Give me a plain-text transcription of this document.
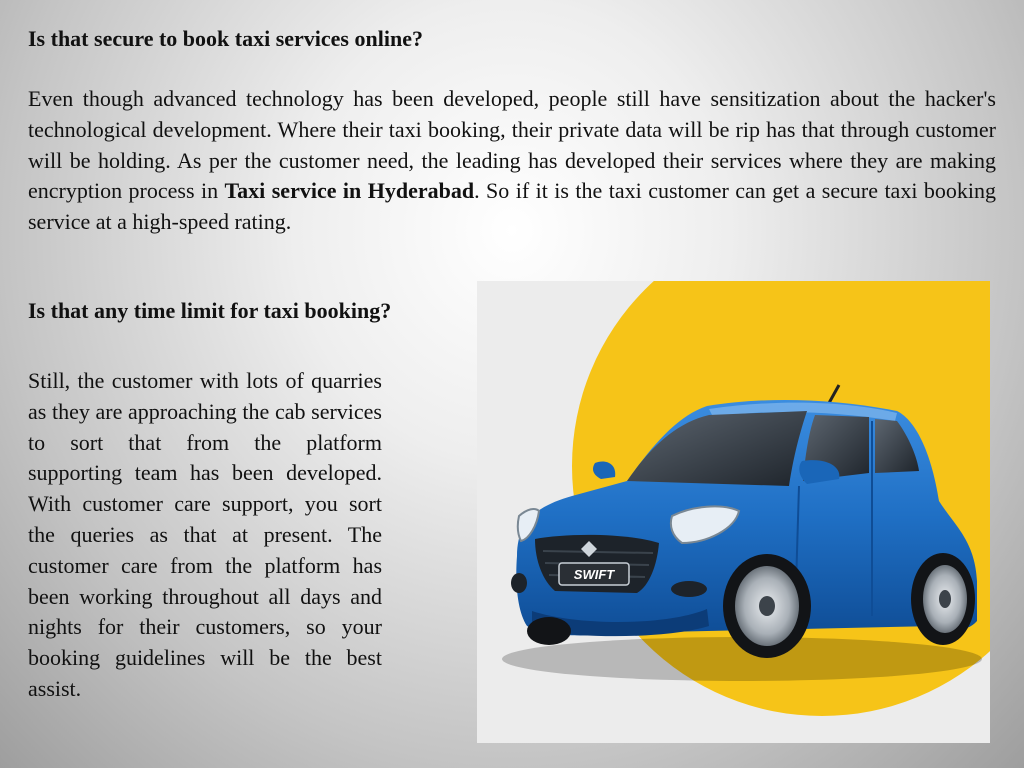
Is that secure to book taxi services online?

Even though advanced technology has been developed, people still have sensitization about the hacker's technological development. Where their taxi booking, their private data will be rip has that through customer will be holding. As per the customer need, the leading has developed their services where they are making encryption process in Taxi service in Hyderabad. So if it is the taxi customer can get a secure taxi booking service at a high-speed rating.

Is that any time limit for taxi booking?

Still, the customer with lots of quarries as they are approaching the cab services to sort that from the platform supporting team has been developed. With customer care support, you sort the queries as that at present. The customer care from the platform has been working throughout all days and nights for their customers, so your booking guidelines will be the best assist.

SWIFT
